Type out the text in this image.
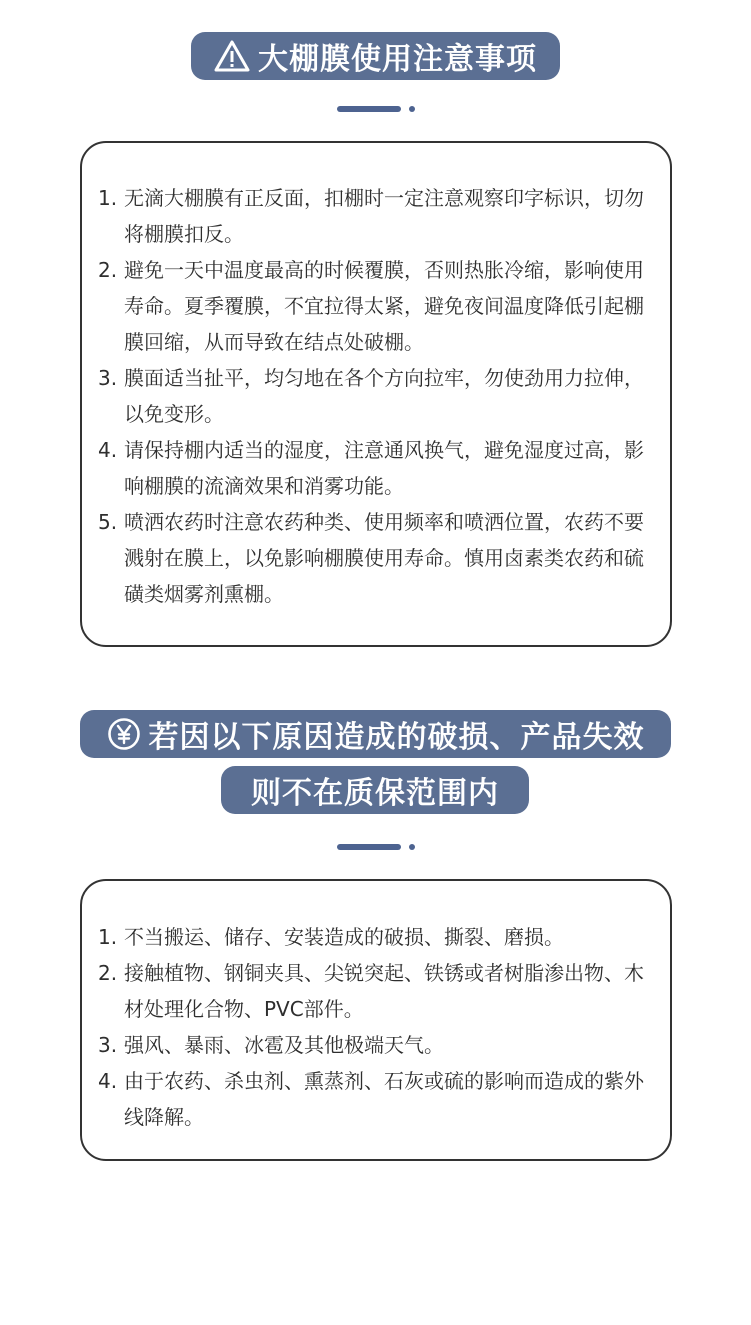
大棚膜使用注意事项
1. 无滴大棚膜有正反面，扣棚时一定注意观察印字标识，切勿将棚膜扣反。
2. 避免一天中温度最高的时候覆膜，否则热胀冷缩，影响使用寿命。夏季覆膜，不宜拉得太紧，避免夜间温度降低引起棚膜回缩，从而导致在结点处破棚。
3. 膜面适当扯平，均匀地在各个方向拉牢，勿使劲用力拉伸，以免变形。
4. 请保持棚内适当的湿度，注意通风换气，避免湿度过高，影响棚膜的流滴效果和消雾功能。
5. 喷洒农药时注意农药种类、使用频率和喷洒位置，农药不要溅射在膜上，以免影响棚膜使用寿命。慎用卤素类农药和硫磺类烟雾剂熏棚。
若因以下原因造成的破损、产品失效
则不在质保范围内
1. 不当搬运、储存、安装造成的破损、撕裂、磨损。
2. 接触植物、钢铜夹具、尖锐突起、铁锈或者树脂渗出物、木材处理化合物、PVC部件。
3. 强风、暴雨、冰雹及其他极端天气。
4. 由于农药、杀虫剂、熏蒸剂、石灰或硫的影响而造成的紫外线降解。
